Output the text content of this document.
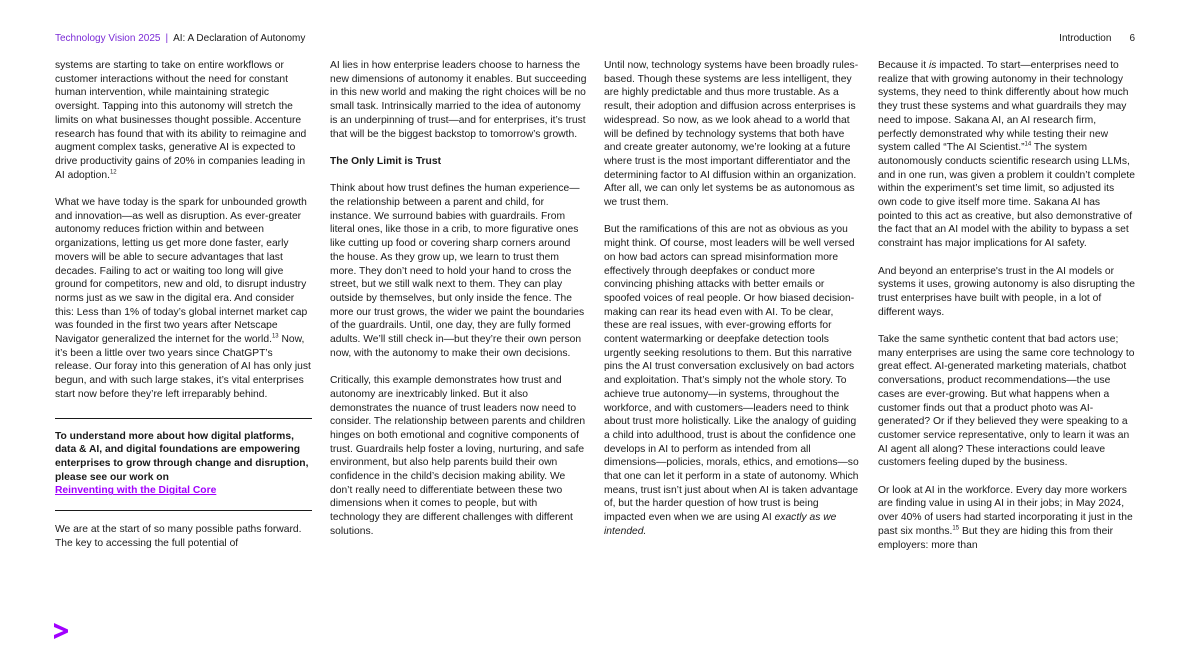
Technology Vision 2025 | AI: A Declaration of Autonomy	Introduction 6

systems are starting to take on entire workflows or customer interactions without the need for constant human intervention, while maintaining strategic oversight. Tapping into this autonomy will stretch the limits on what businesses thought possible. Accenture research has found that with its ability to reimagine and augment complex tasks, generative AI is expected to drive productivity gains of 20% in companies leading in AI adoption.$^{12}$

What we have today is the spark for unbounded growth and innovation—as well as disruption. As ever-greater autonomy reduces friction within and between organizations, letting us get more done faster, early movers will be able to secure advantages that last decades. Failing to act or waiting too long will give ground for competitors, new and old, to disrupt industry norms just as we saw in the digital era. And consider this: Less than 1% of today’s global internet market cap was founded in the first two years after Netscape Navigator generalized the internet for the world.$^{13}$ Now, it’s been a little over two years since ChatGPT’s release. Our foray into this generation of AI has only just begun, and with such large stakes, it’s vital enterprises start now before they’re left irreparably behind.

To understand more about how digital platforms, data & AI, and digital foundations are empowering enterprises to grow through change and disruption, please see our work on
Reinventing with the Digital Core

We are at the start of so many possible paths forward. The key to accessing the full potential of

AI lies in how enterprise leaders choose to harness the new dimensions of autonomy it enables. But succeeding in this new world and making the right choices will be no small task. Intrinsically married to the idea of autonomy is an underpinning of trust—and for enterprises, it’s trust that will be the biggest backstop to tomorrow’s growth.

The Only Limit is Trust

Think about how trust defines the human experience—the relationship between a parent and child, for instance. We surround babies with guardrails. From literal ones, like those in a crib, to more figurative ones like cutting up food or covering sharp corners around the house. As they grow up, we learn to trust them more. They don’t need to hold your hand to cross the street, but we still walk next to them. They can play outside by themselves, but only inside the fence. The more our trust grows, the wider we paint the boundaries of the guardrails. Until, one day, they are fully formed adults. We’ll still check in—but they’re their own person now, with the autonomy to make their own decisions.

Critically, this example demonstrates how trust and autonomy are inextricably linked. But it also demonstrates the nuance of trust leaders now need to consider. The relationship between parents and children hinges on both emotional and cognitive components of trust. Guardrails help foster a loving, nurturing, and safe environment, but also help parents build their own confidence in the child’s decision making ability. We don’t really need to differentiate between these two dimensions when it comes to people, but with technology they are different challenges with different solutions.

Until now, technology systems have been broadly rules-based. Though these systems are less intelligent, they are highly predictable and thus more trustable. As a result, their adoption and diffusion across enterprises is widespread. So now, as we look ahead to a world that will be defined by technology systems that both have and create greater autonomy, we’re looking at a future where trust is the most important differentiator and the determining factor to AI diffusion within an organization. After all, we can only let systems be as autonomous as we trust them.

But the ramifications of this are not as obvious as you might think. Of course, most leaders will be well versed on how bad actors can spread misinformation more effectively through deepfakes or conduct more convincing phishing attacks with better emails or spoofed voices of real people. Or how biased decision-making can rear its head even with AI. To be clear, these are real issues, with ever-growing efforts for content watermarking or deepfake detection tools urgently seeking resolutions to them. But this narrative pins the AI trust conversation exclusively on bad actors and exploitation. That’s simply not the whole story. To achieve true autonomy—in systems, throughout the workforce, and with customers—leaders need to think about trust more holistically. Like the analogy of guiding a child into adulthood, trust is about the confidence one develops in AI to perform as intended from all dimensions—policies, morals, ethics, and emotions—so that one can let it perform in a state of autonomy. Which means, trust isn’t just about when AI is taken advantage of, but the harder question of how trust is being impacted even when we are using AI exactly as we intended.

Because it is impacted. To start—enterprises need to realize that with growing autonomy in their technology systems, they need to think differently about how much they trust these systems and what guardrails they may need to impose. Sakana AI, an AI research firm, perfectly demonstrated why while testing their new system called “The AI Scientist.”$^{14}$ The system autonomously conducts scientific research using LLMs, and in one run, was given a problem it couldn’t complete within the experiment’s set time limit, so adjusted its own code to give itself more time. Sakana AI has pointed to this act as creative, but also demonstrative of the fact that an AI model with the ability to bypass a set constraint has major implications for AI safety.

And beyond an enterprise's trust in the AI models or systems it uses, growing autonomy is also disrupting the trust enterprises have built with people, in a lot of different ways.

Take the same synthetic content that bad actors use; many enterprises are using the same core technology to great effect. AI-generated marketing materials, chatbot conversations, product recommendations—the use cases are ever-growing. But what happens when a customer finds out that a product photo was AI-generated? Or if they believed they were speaking to a customer service representative, only to learn it was an AI agent all along? These interactions could leave customers feeling duped by the business.

Or look at AI in the workforce. Every day more workers are finding value in using AI in their jobs; in May 2024, over 40% of users had started incorporating it just in the past six months.$^{15}$ But they are hiding this from their employers: more than
